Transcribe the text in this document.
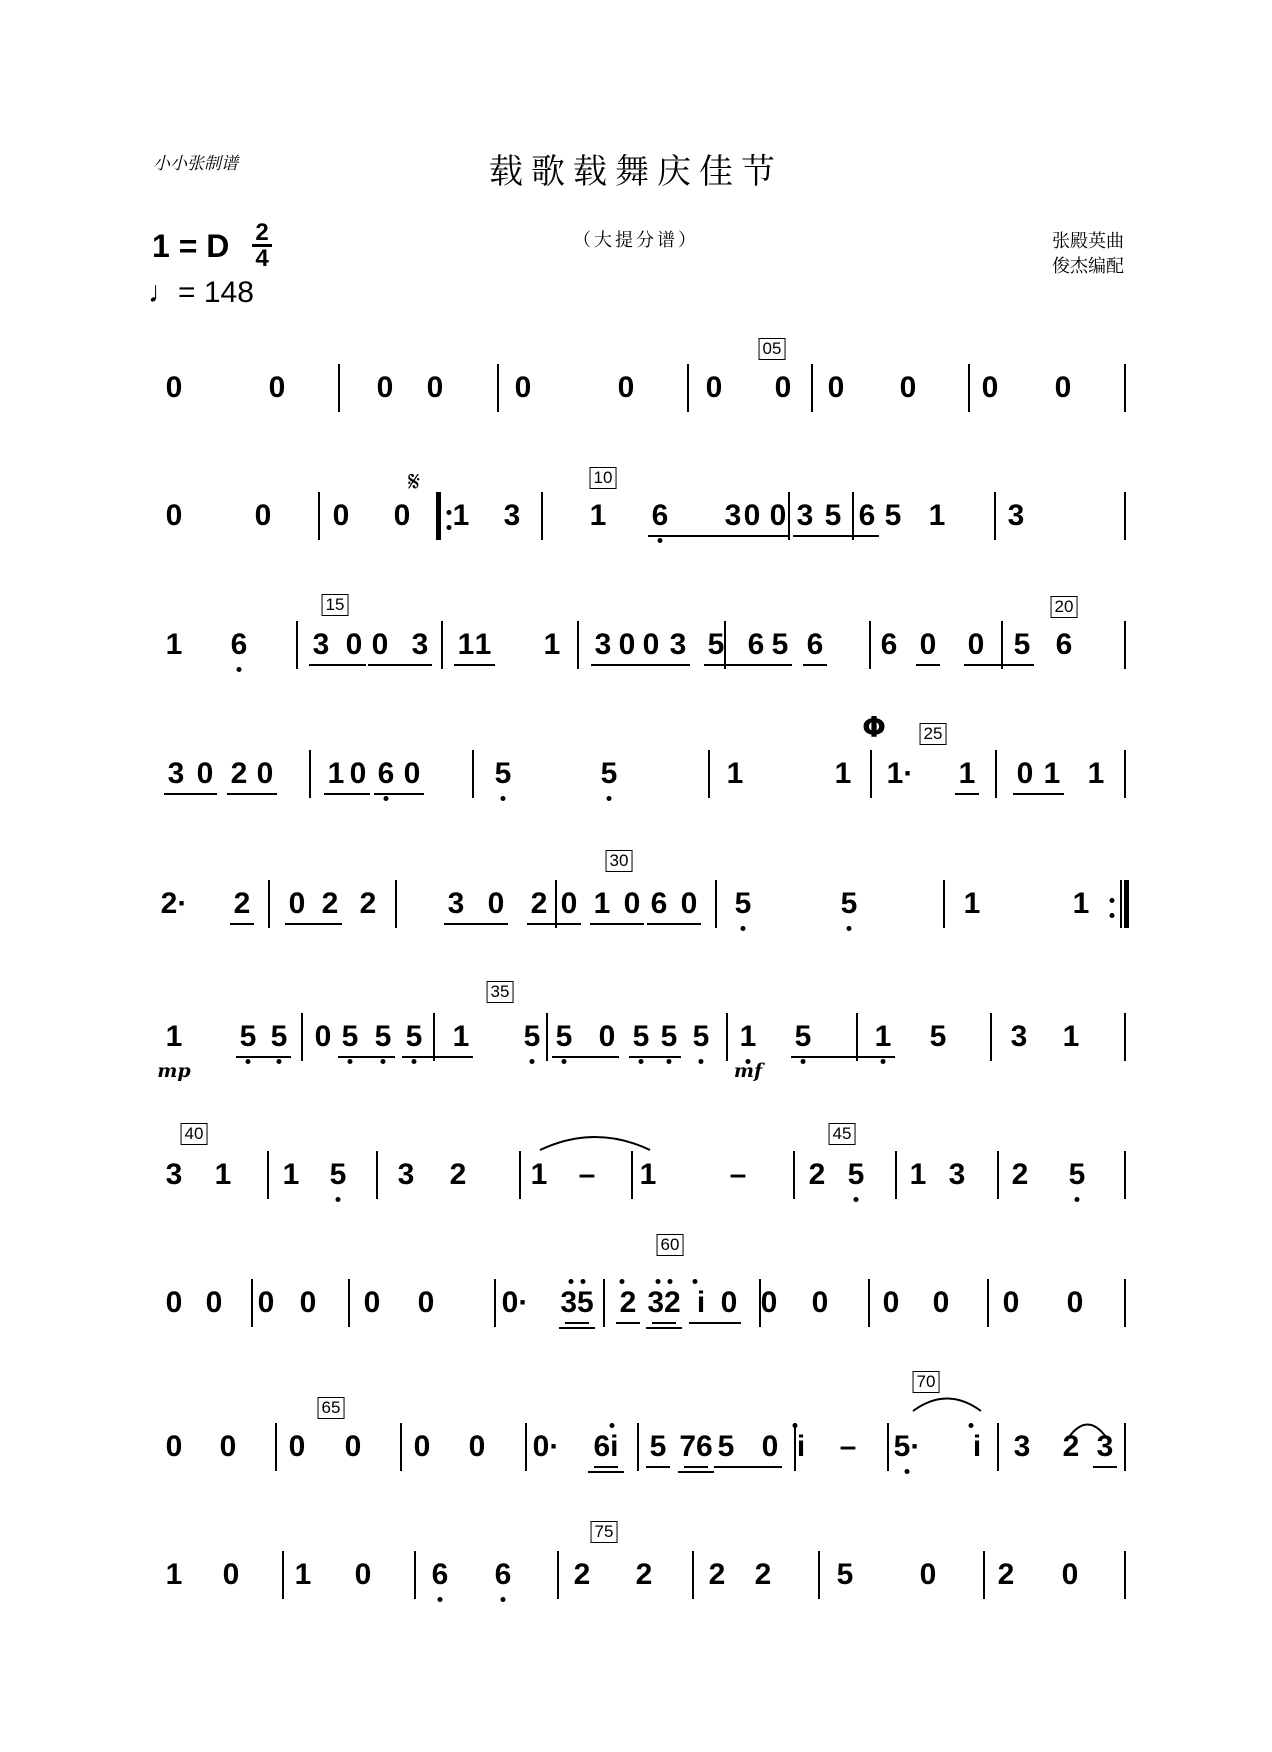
小小张制谱	载歌载舞庆佳节
（大提分谱）	张殿英曲
俊杰编配
1 = D 2
4
♩= 148
0	0	0 0 0	0 0 0 0 0 0 0
05
0 0 0 0 1 3 1 6 3 0 0 3 5 6 5 1 3
10
1 6 3 0 0 3 1 1 1 3 0 0 3 5 6 5 6 6 0 0 5 6
15	20
3 0 2 0 1 0 6 0 5	5	1	1 1· 1 0 1 1
25
2· 2 0 2 2 3 0 2 0 1 0 6 0 5	5	1	1
30
1 5 5 0 5 5 5 1 5 5 0 5 5 5 1 5 1 5 3 1
35
3 1 1 5 3 2 1 – 1 – 2 5 1 3 2 5
40	45
0 0 0 0 0 0 0· 35 2 32 i 0 0 0 0 0 0 0
60
0 0 0 0 0 0 0· 6i 5 76 5 0 i – 5· i 3 2 3
65
70
1 0 1 0 6 6 2 2 2 2 5 0 2 0
75
𝄋
Φ
mp	mf
